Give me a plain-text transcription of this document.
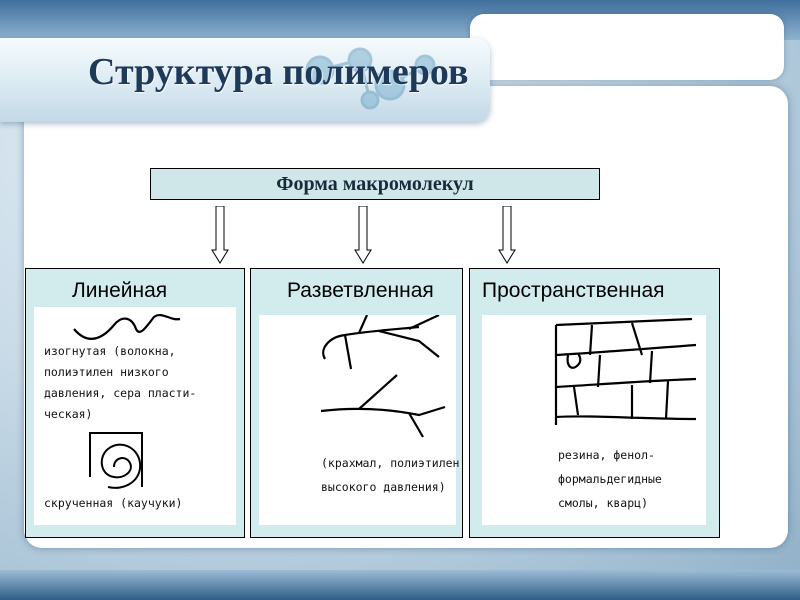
Структура полимеров
Форма макромолекул
Линейная
изогнутая (волокна,
полиэтилен низкого
давления, сера пласти-
ческая)
скрученная (каучуки)
Разветвленная
(крахмал, полиэтилен
высокого давления)
Пространственная
резина, фенол-
формальдегидные
смолы, кварц)
